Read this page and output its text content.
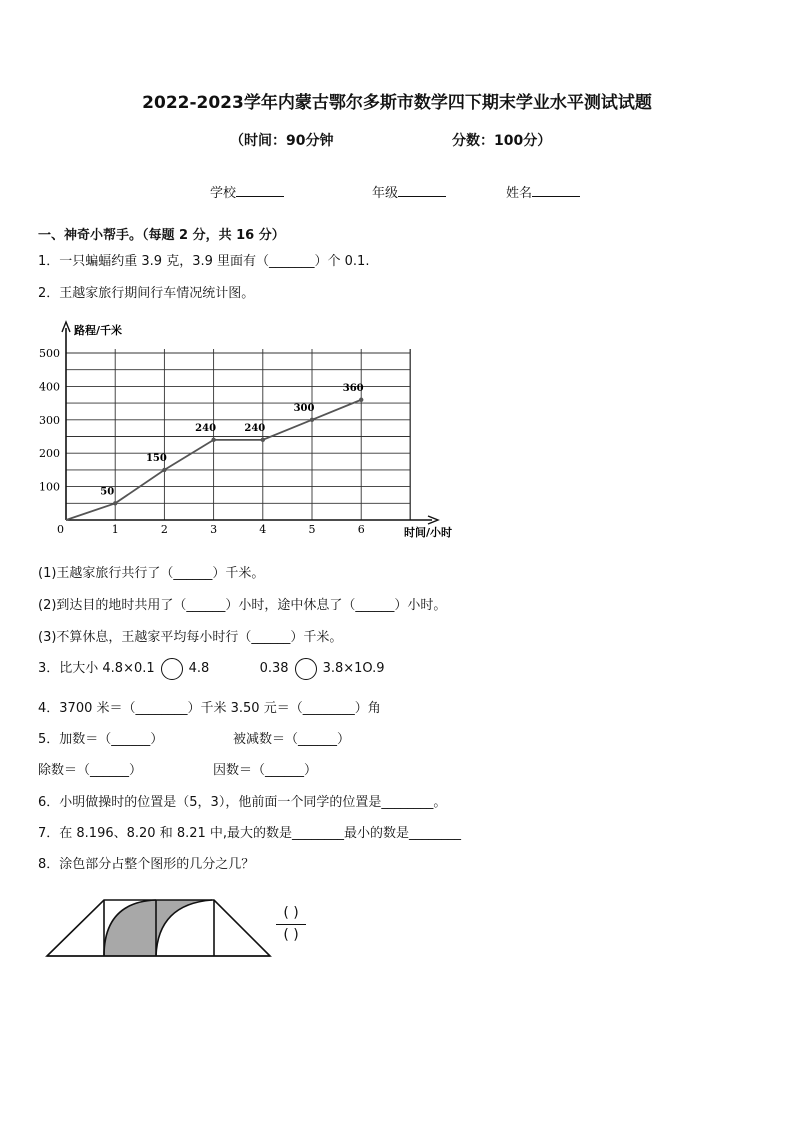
2022-2023学年内蒙古鄂尔多斯市数学四下期末学业水平测试试题
（时间：90分钟	分数：100分）
学校	年级	姓名
一、神奇小帮手。（每题 2 分，共 16 分）
1．一只蝙蝠约重 3.9 克，3.9 里面有（_______）个 0.1.
2．王越家旅行期间行车情况统计图。
100
200
300
400
500
0	1	2	3	4	5	6
路程/千米
时间/小时
50
150
240	240
300
360
(1)王越家旅行共行了（______）千米。
(2)到达目的地时共用了（______）小时，途中休息了（______）小时。
(3)不算休息，王越家平均每小时行（______）千米。
3．比大小 4.8×0.1	4.8	0.38	3.8×1O.9
4．3700 米＝（________）千米 3.50 元＝（________）角
5．加数＝（______）	被减数＝（______）
除数＝（______）	因数＝（______）
6．小明做操时的位置是（5，3），他前面一个同学的位置是________。
7．在 8.196、8.20 和 8.21 中,最大的数是________最小的数是________
8．涂色部分占整个图形的几分之几？
( )
( )
